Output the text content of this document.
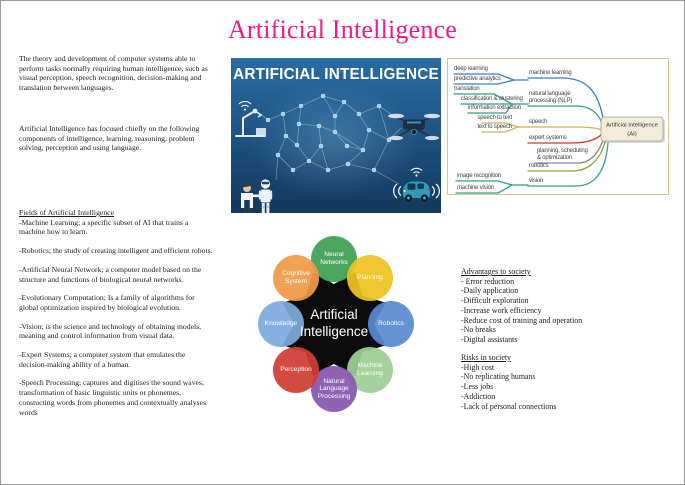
Artificial Intelligence
The theory and development of computer systems able to perform tasks normally requiring human intelligence, such as visual perception, speech recognition, decision-making and translation between languages.
Artificial Intelligence has focused chiefly on the following components of intelligence, learning, reasoning, problem solving, perception and using language.
Fields of Artificial Intelligence
-Machine Learning; a specific subset of AI that trains a machine how to learn.
-Robotics; the study of creating intelligent and efficient robots.
-Artificial Neural Network; a computer model based on the structure and functions of biological neural networks.
-Evolutionary Computation; Is a family of algorithms for global optimization inspired by biological evolution.
-Vision; is the science and technology of obtaining models, meaning and control information from visual data.
-Expert Systems; a computer system that emulates the decision-making ability of a human.
-Speech Processing; captures and digitises the sound waves, transformation of basic linguistic units or phonemes, constucting words from phonemes and contextually analyses words
ARTIFICIAL INTELLIGENCE
Artificial Intelligence
(AI)
deep learning
predictive analytics
machine learning
translation
classification & clustering
information extraction
natural language processing (NLP)
speech to text
text to speech
speech
expert systems
planning, scheduling & optimization
robotics
image recognition
machine vision
vision
Artificial Intelligence
Neural Networks
Planning
Robotics
Machine Learning
Natural Language Processing
Perception
Knowledge
Cognitive System
Advantages to society
- Error reduction
-Daily application
-Difficult exploration
-Increase work efficiency
-Reduce cost of training and operation
-No breaks
-Digital assistants
Risks in society
-High cost
-No replicating humans
-Less jobs
-Addiction
-Lack of personal connections
